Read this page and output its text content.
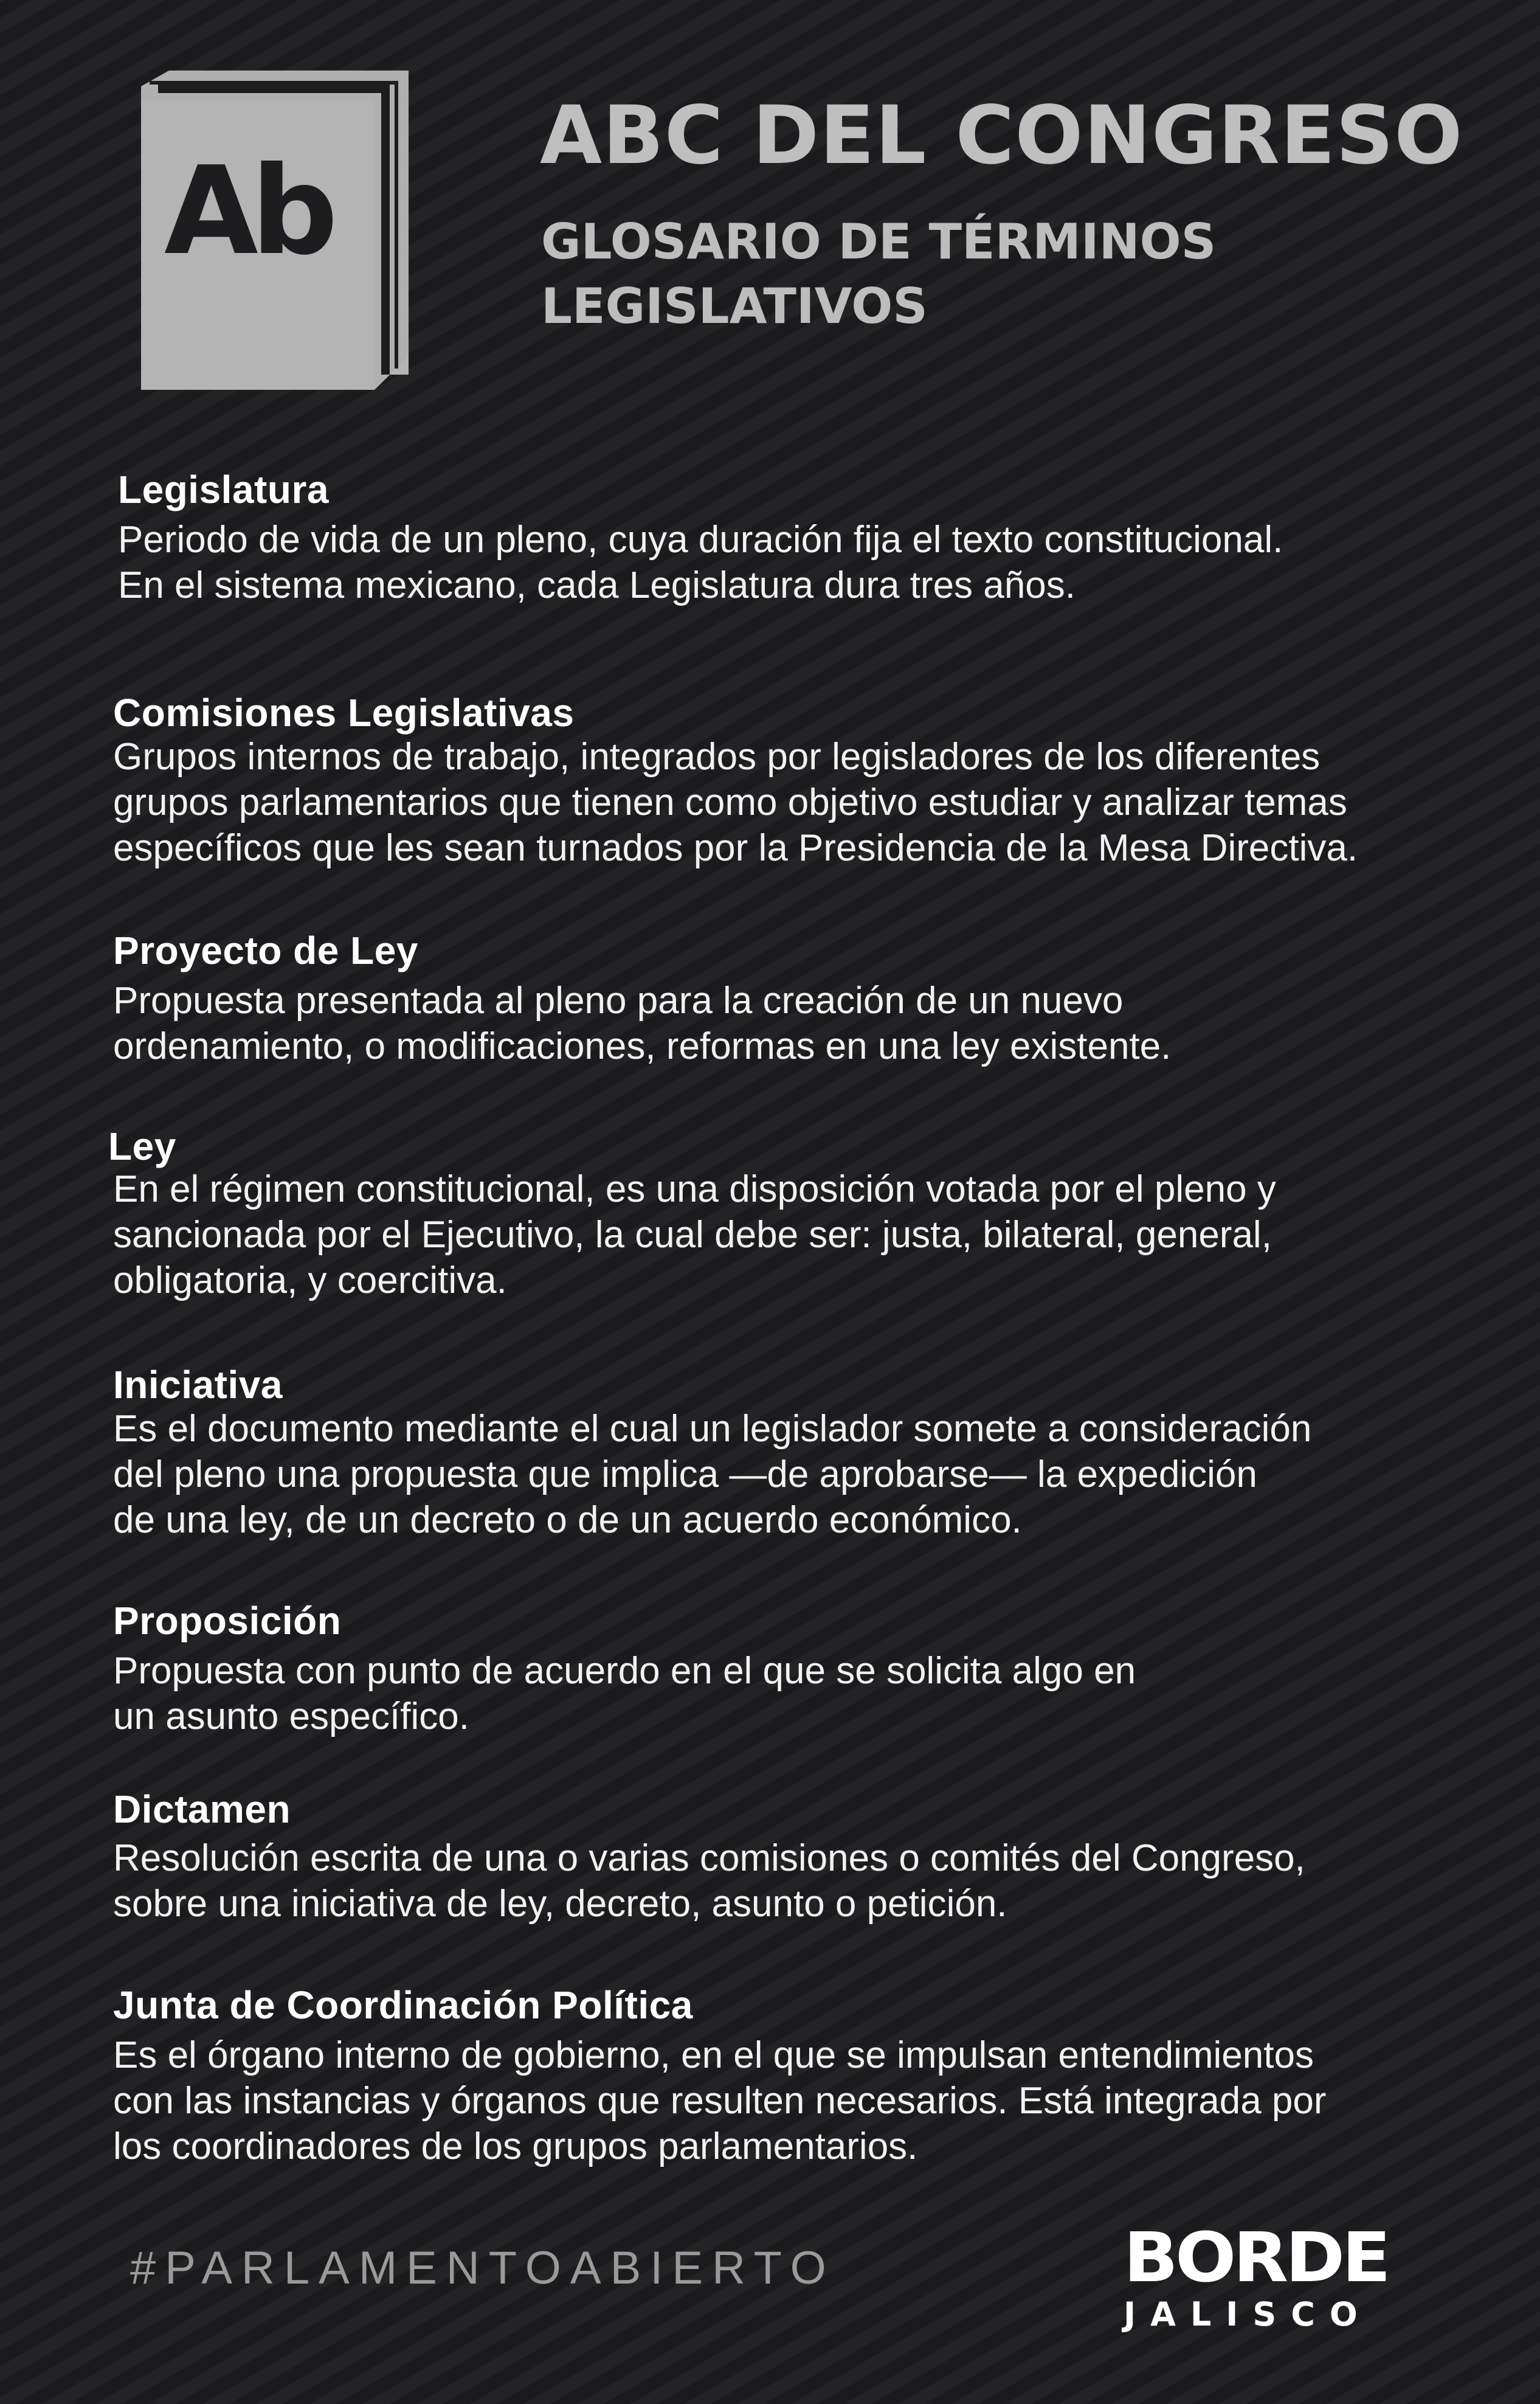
Ab
ABC DEL CONGRESO
GLOSARIO DE TÉRMINOS
LEGISLATIVOS
Legislatura
Periodo de vida de un pleno, cuya duración fija el texto constitucional.
En el sistema mexicano, cada Legislatura dura tres años.
Comisiones Legislativas
Grupos internos de trabajo, integrados por legisladores de los diferentes
grupos parlamentarios que tienen como objetivo estudiar y analizar temas
específicos que les sean turnados por la Presidencia de la Mesa Directiva.
Proyecto de Ley
Propuesta presentada al pleno para la creación de un nuevo
ordenamiento, o modificaciones, reformas en una ley existente.
Ley
En el régimen constitucional, es una disposición votada por el pleno y
sancionada por el Ejecutivo, la cual debe ser: justa, bilateral, general,
obligatoria, y coercitiva.
Iniciativa
Es el documento mediante el cual un legislador somete a consideración
del pleno una propuesta que implica —de aprobarse— la expedición
de una ley, de un decreto o de un acuerdo económico.
Proposición
Propuesta con punto de acuerdo en el que se solicita algo en
un asunto específico.
Dictamen
Resolución escrita de una o varias comisiones o comités del Congreso,
sobre una iniciativa de ley, decreto, asunto o petición.
Junta de Coordinación Política
Es el órgano interno de gobierno, en el que se impulsan entendimientos
con las instancias y órganos que resulten necesarios. Está integrada por
los coordinadores de los grupos parlamentarios.
#PARLAMENTOABIERTO	BORDE
JALISCO
